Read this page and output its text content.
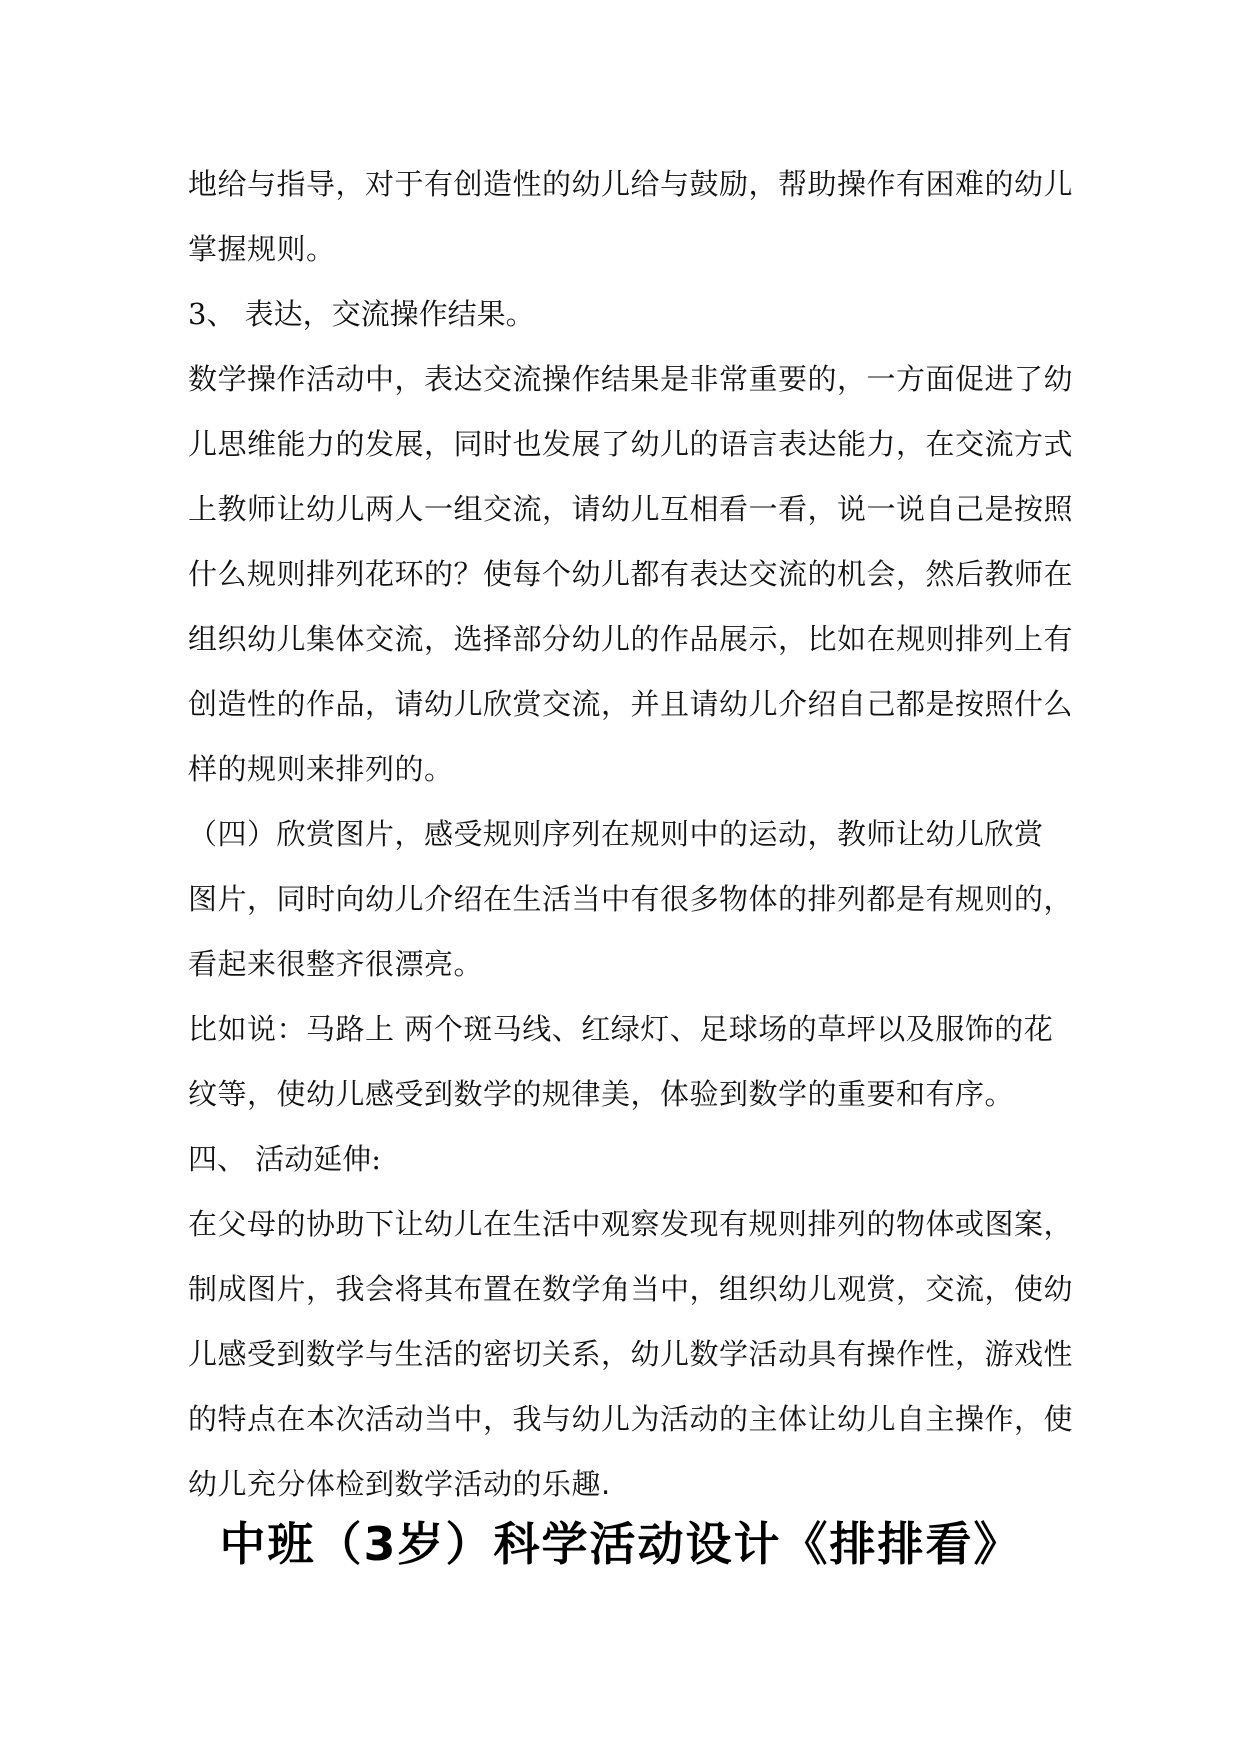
地给与指导，对于有创造性的幼儿给与鼓励，帮助操作有困难的幼儿
掌握规则。
3、 表达，交流操作结果。
数学操作活动中，表达交流操作结果是非常重要的，一方面促进了幼
儿思维能力的发展，同时也发展了幼儿的语言表达能力，在交流方式
上教师让幼儿两人一组交流，请幼儿互相看一看，说一说自己是按照
什么规则排列花环的？使每个幼儿都有表达交流的机会，然后教师在
组织幼儿集体交流，选择部分幼儿的作品展示，比如在规则排列上有
创造性的作品，请幼儿欣赏交流，并且请幼儿介绍自己都是按照什么
样的规则来排列的。
（四）欣赏图片，感受规则序列在规则中的运动，教师让幼儿欣赏
图片，同时向幼儿介绍在生活当中有很多物体的排列都是有规则的，
看起来很整齐很漂亮。
比如说：马路上 两个斑马线、红绿灯、足球场的草坪以及服饰的花
纹等，使幼儿感受到数学的规律美，体验到数学的重要和有序。
四、 活动延伸:
在父母的协助下让幼儿在生活中观察发现有规则排列的物体或图案，
制成图片，我会将其布置在数学角当中，组织幼儿观赏，交流，使幼
儿感受到数学与生活的密切关系，幼儿数学活动具有操作性，游戏性
的特点在本次活动当中，我与幼儿为活动的主体让幼儿自主操作，使
幼儿充分体检到数学活动的乐趣.
中班（3岁）科学活动设计《排排看》
